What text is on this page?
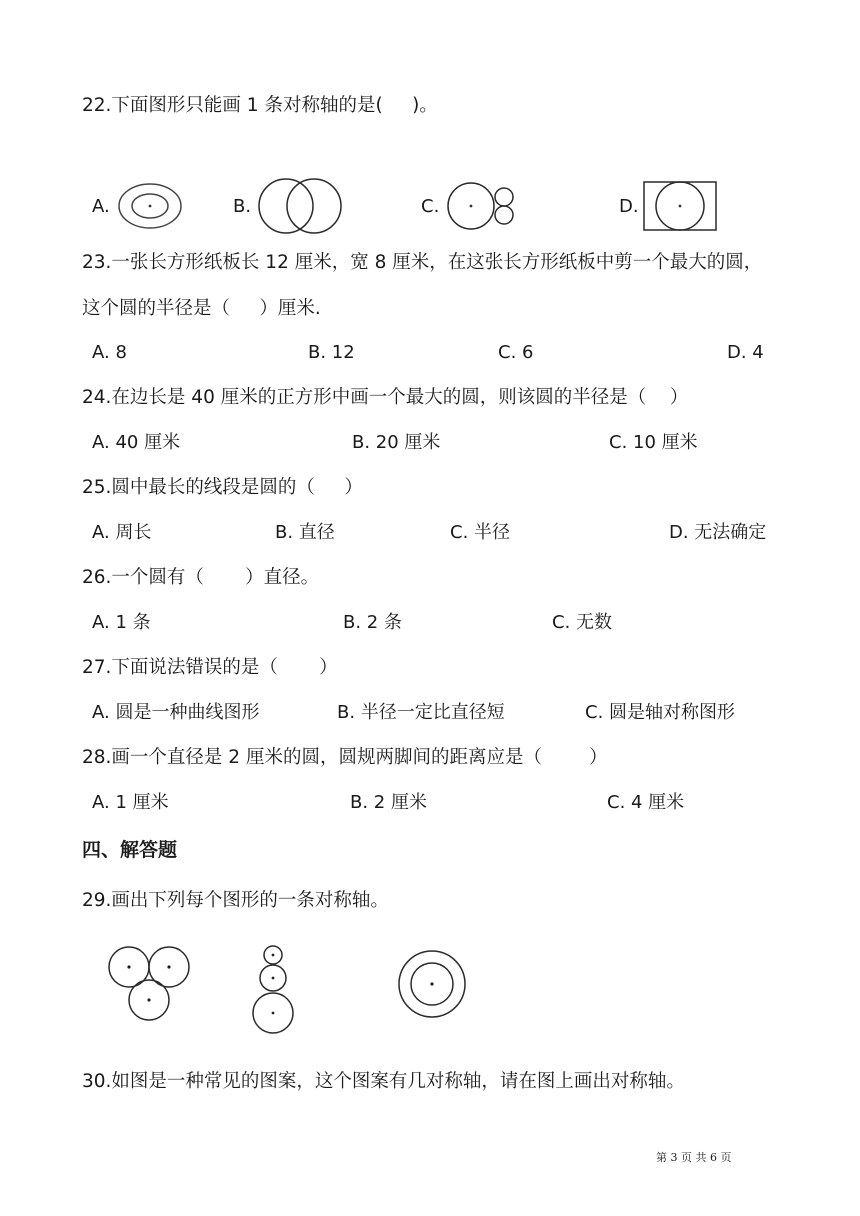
22.下面图形只能画 1 条对称轴的是(     )。
A.	B.	C.	D.
23.一张长方形纸板长 12 厘米，宽 8 厘米，在这张长方形纸板中剪一个最大的圆，
这个圆的半径是（     ）厘米.
A. 8	B. 12	C. 6	D. 4
24.在边长是 40 厘米的正方形中画一个最大的圆，则该圆的半径是（    ）
A. 40 厘米	B. 20 厘米	C. 10 厘米
25.圆中最长的线段是圆的（     ）
A. 周长	B. 直径	C. 半径	D. 无法确定
26.一个圆有（       ）直径。
A. 1 条	B. 2 条	C. 无数
27.下面说法错误的是（       ）
A. 圆是一种曲线图形	B. 半径一定比直径短	C. 圆是轴对称图形
28.画一个直径是 2 厘米的圆，圆规两脚间的距离应是（        ）
A. 1 厘米	B. 2 厘米	C. 4 厘米
四、解答题
29.画出下列每个图形的一条对称轴。
30.如图是一种常见的图案，这个图案有几对称轴，请在图上画出对称轴。
第 3 页 共 6 页
